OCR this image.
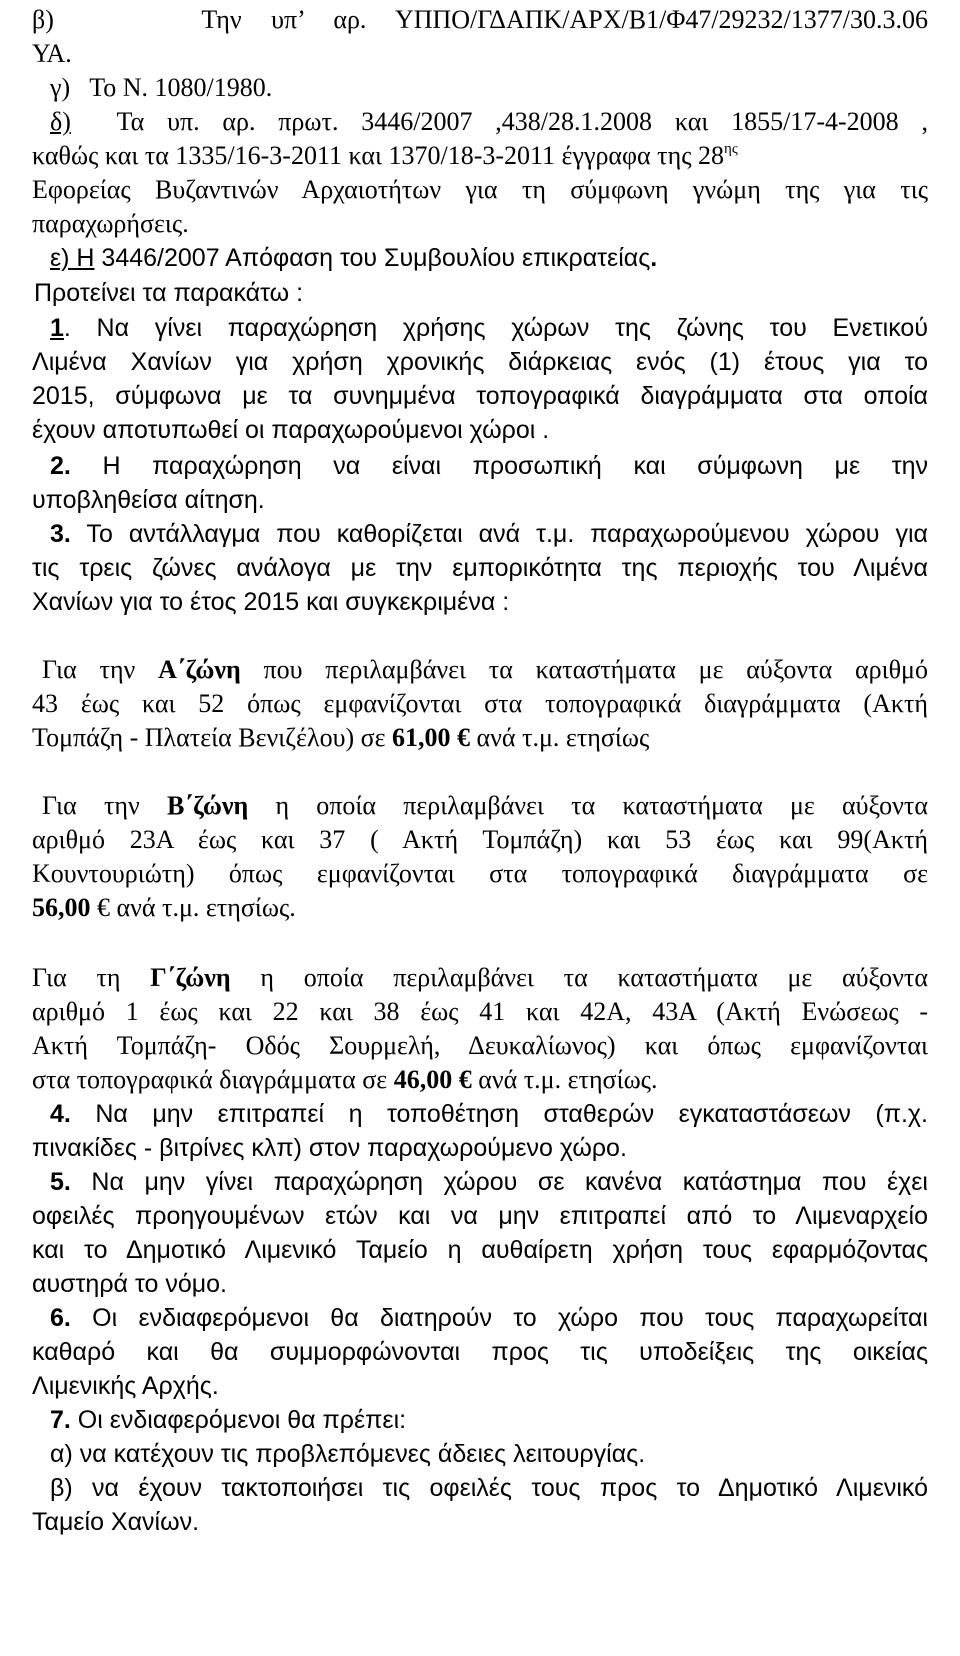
β)     Την υπ’ αρ. ΥΠΠΟ/ΓΔΑΠΚ/ΑΡΧ/Β1/Φ47/29232/1377/30.3.06
ΥΑ.
γ) Το Ν. 1080/1980.
δ) Τα υπ. αρ. πρωτ. 3446/2007 ,438/28.1.2008 και 1855/17-4-2008 ,
καθώς και τα 1335/16-3-2011 και 1370/18-3-2011 έγγραφα της $28^{\eta\varsigma}$
Εφορείας Βυζαντινών Αρχαιοτήτων για τη σύμφωνη γνώμη της για τις
παραχωρήσεις.
ε) Η 3446/2007 Απόφαση του Συμβουλίου επικρατείας.
Προτείνει τα παρακάτω :
1. Να γίνει παραχώρηση χρήσης χώρων της ζώνης του Ενετικού
Λιμένα Χανίων για χρήση χρονικής διάρκειας ενός (1) έτους για το
2015, σύμφωνα με τα συνημμένα τοπογραφικά διαγράμματα στα οποία
έχουν αποτυπωθεί οι παραχωρούμενοι χώροι .
2. Η παραχώρηση να είναι προσωπική και σύμφωνη με την
υποβληθείσα αίτηση.
3. Το αντάλλαγμα που καθορίζεται ανά τ.μ. παραχωρούμενου χώρου για
τις τρεις ζώνες ανάλογα με την εμπορικότητα της περιοχής του Λιμένα
Χανίων για το έτος 2015 και συγκεκριμένα :
Για την Α΄ζώνη που περιλαμβάνει τα καταστήματα με αύξοντα αριθμό
43 έως και 52 όπως εμφανίζονται στα τοπογραφικά διαγράμματα (Ακτή
Τομπάζη - Πλατεία Βενιζέλου) σε 61,00 € ανά τ.μ. ετησίως
Για την Β΄ζώνη η οποία περιλαμβάνει τα καταστήματα με αύξοντα
αριθμό 23Α έως και 37 ( Ακτή Τομπάζη) και 53 έως και 99(Ακτή
Κουντουριώτη) όπως εμφανίζονται στα τοπογραφικά διαγράμματα σε
56,00 € ανά τ.μ. ετησίως.
Για τη Γ΄ζώνη η οποία περιλαμβάνει τα καταστήματα με αύξοντα
αριθμό 1 έως και 22 και 38 έως 41 και 42Α, 43Α (Ακτή Ενώσεως -
Ακτή Τομπάζη- Οδός Σουρμελή, Δευκαλίωνος) και όπως εμφανίζονται
στα τοπογραφικά διαγράμματα σε 46,00 € ανά τ.μ. ετησίως.
4. Να μην επιτραπεί η τοποθέτηση σταθερών εγκαταστάσεων (π.χ.
πινακίδες - βιτρίνες κλπ) στον παραχωρούμενο χώρο.
5. Να μην γίνει παραχώρηση χώρου σε κανένα κατάστημα που έχει
οφειλές προηγουμένων ετών και να μην επιτραπεί από το Λιμεναρχείο
και το Δημοτικό Λιμενικό Ταμείο η αυθαίρετη χρήση τους εφαρμόζοντας
αυστηρά το νόμο.
6. Οι ενδιαφερόμενοι θα διατηρούν το χώρο που τους παραχωρείται
καθαρό και θα συμμορφώνονται προς τις υποδείξεις της οικείας
Λιμενικής Αρχής.
7. Οι ενδιαφερόμενοι θα πρέπει:
α) να κατέχουν τις προβλεπόμενες άδειες λειτουργίας.
β) να έχουν τακτοποιήσει τις οφειλές τους προς το Δημοτικό Λιμενικό
Ταμείο Χανίων.
